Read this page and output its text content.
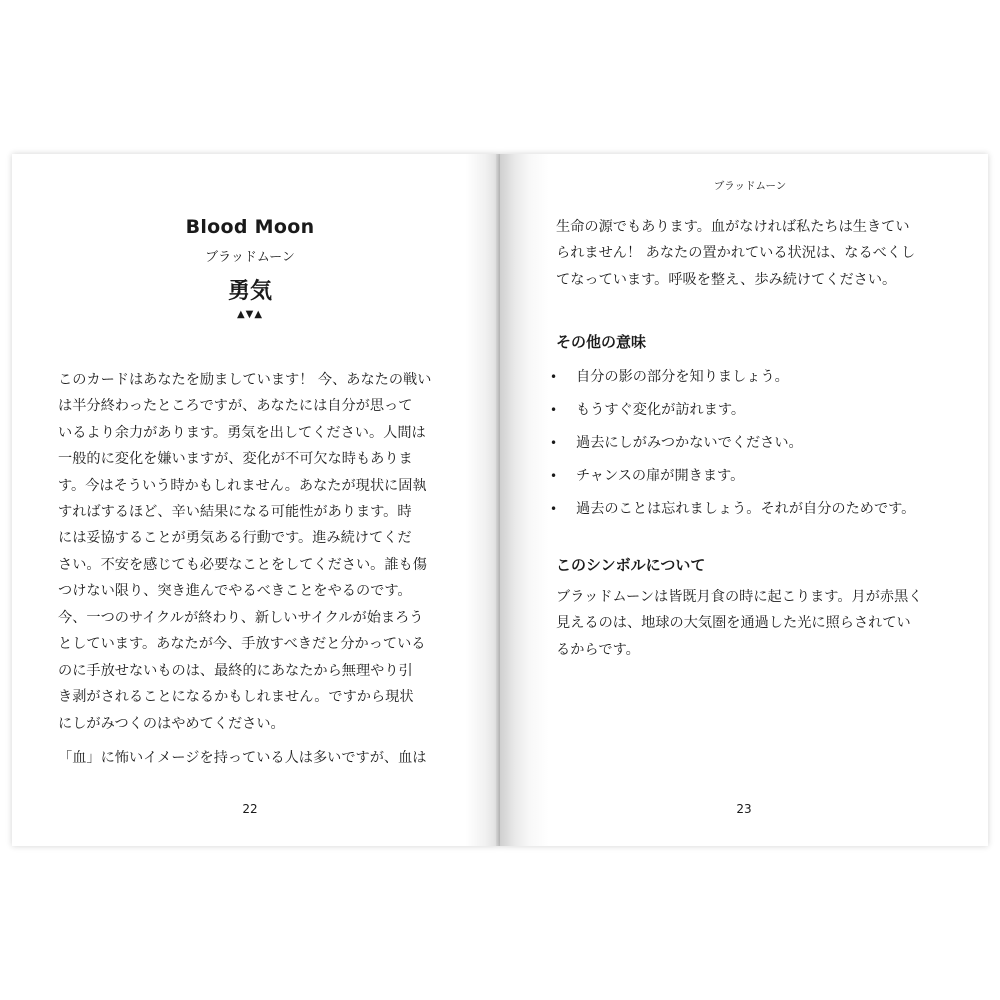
Blood Moon
ブラッドムーン
勇気
▲▼▲
このカードはあなたを励ましています！ 今、あなたの戦い
は半分終わったところですが、あなたには自分が思って
いるより余力があります。勇気を出してください。人間は
一般的に変化を嫌いますが、変化が不可欠な時もありま
す。今はそういう時かもしれません。あなたが現状に固執
すればするほど、辛い結果になる可能性があります。時
には妥協することが勇気ある行動です。進み続けてくだ
さい。不安を感じても必要なことをしてください。誰も傷
つけない限り、突き進んでやるべきことをやるのです。
今、一つのサイクルが終わり、新しいサイクルが始まろう
としています。あなたが今、手放すべきだと分かっている
のに手放せないものは、最終的にあなたから無理やり引
き剥がされることになるかもしれません。ですから現状
にしがみつくのはやめてください。
「血」に怖いイメージを持っている人は多いですが、血は
22
ブラッドムーン
生命の源でもあります。血がなければ私たちは生きてい
られません！ あなたの置かれている状況は、なるべくし
てなっています。呼吸を整え、歩み続けてください。
その他の意味
• 自分の影の部分を知りましょう。
• もうすぐ変化が訪れます。
• 過去にしがみつかないでください。
• チャンスの扉が開きます。
• 過去のことは忘れましょう。それが自分のためです。
このシンボルについて
ブラッドムーンは皆既月食の時に起こります。月が赤黒く
見えるのは、地球の大気圏を通過した光に照らされてい
るからです。
23
